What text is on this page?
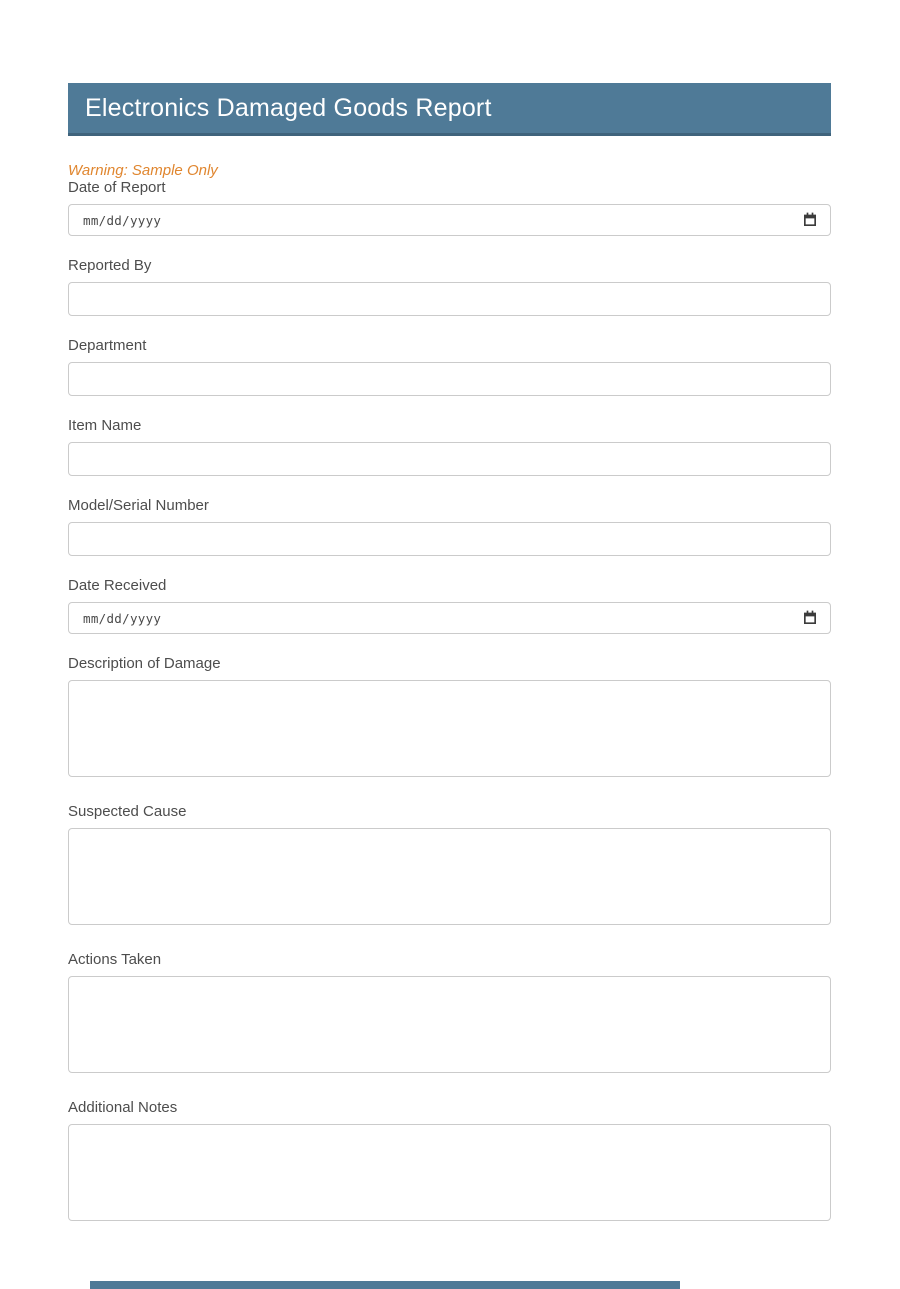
Electronics Damaged Goods Report
Warning: Sample Only
Date of Report
mm/dd/yyyy
Reported By
Department
Item Name
Model/Serial Number
Date Received
mm/dd/yyyy
Description of Damage
Suspected Cause
Actions Taken
Additional Notes
